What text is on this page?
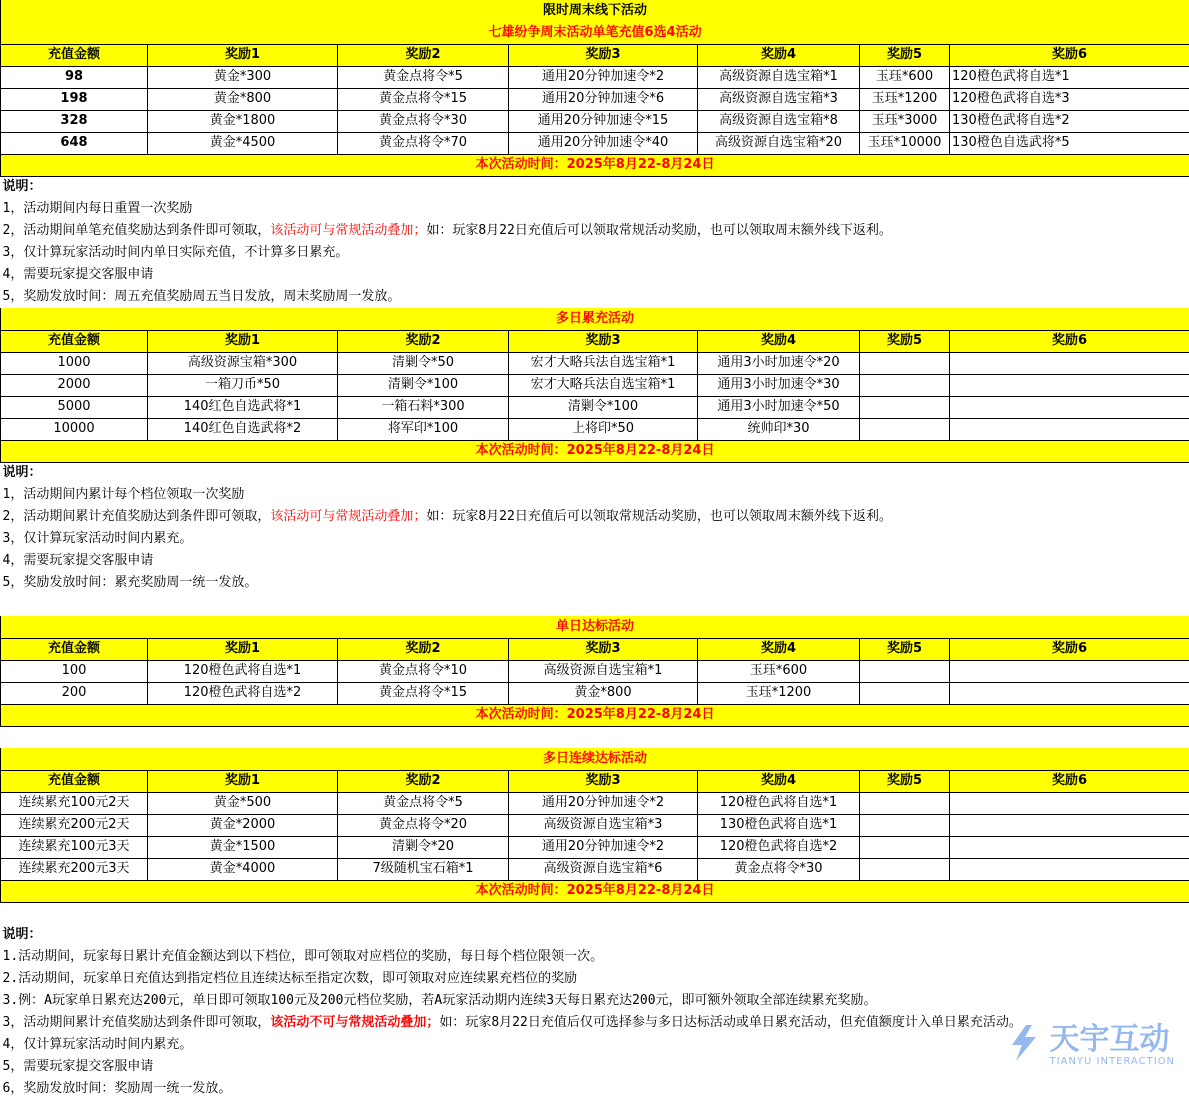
限时周末线下活动						
七雄纷争周末活动单笔充值6选4活动						
充值金额	奖励1	奖励2	奖励3	奖励4	奖励5	奖励6
98	黄金*300	黄金点将令*5	通用20分钟加速令*2	高级资源自选宝箱*1	玉珏*600	120橙色武将自选*1
198	黄金*800	黄金点将令*15	通用20分钟加速令*6	高级资源自选宝箱*3	玉珏*1200	120橙色武将自选*3
328	黄金*1800	黄金点将令*30	通用20分钟加速令*15	高级资源自选宝箱*8	玉珏*3000	130橙色武将自选*2
648	黄金*4500	黄金点将令*70	通用20分钟加速令*40	高级资源自选宝箱*20	玉珏*10000	130橙色自选武将*5
本次活动时间：2025年8月22-8月24日						
说明：						
1，活动期间内每日重置一次奖励						
2，活动期间单笔充值奖励达到条件即可领取，该活动可与常规活动叠加；如：玩家8月22日充值后可以领取常规活动奖励，也可以领取周末额外线下返利。						
3，仅计算玩家活动时间内单日实际充值，不计算多日累充。						
4，需要玩家提交客服申请						
5，奖励发放时间：周五充值奖励周五当日发放，周末奖励周一发放。						
多日累充活动						
充值金额	奖励1	奖励2	奖励3	奖励4	奖励5	奖励6
1000	高级资源宝箱*300	清剿令*50	宏才大略兵法自选宝箱*1	通用3小时加速令*20		
2000	一箱刀币*50	清剿令*100	宏才大略兵法自选宝箱*1	通用3小时加速令*30		
5000	140红色自选武将*1	一箱石料*300	清剿令*100	通用3小时加速令*50		
10000	140红色自选武将*2	将军印*100	上将印*50	统帅印*30		
本次活动时间：2025年8月22-8月24日						
说明：						
1，活动期间内累计每个档位领取一次奖励						
2，活动期间累计充值奖励达到条件即可领取，该活动可与常规活动叠加；如：玩家8月22日充值后可以领取常规活动奖励，也可以领取周末额外线下返利。						
3，仅计算玩家活动时间内累充。						
4，需要玩家提交客服申请						
5，奖励发放时间：累充奖励周一统一发放。						

单日达标活动						
充值金额	奖励1	奖励2	奖励3	奖励4	奖励5	奖励6
100	120橙色武将自选*1	黄金点将令*10	高级资源自选宝箱*1	玉珏*600		
200	120橙色武将自选*2	黄金点将令*15	黄金*800	玉珏*1200		
本次活动时间：2025年8月22-8月24日						

多日连续达标活动						
充值金额	奖励1	奖励2	奖励3	奖励4	奖励5	奖励6
连续累充100元2天	黄金*500	黄金点将令*5	通用20分钟加速令*2	120橙色武将自选*1		
连续累充200元2天	黄金*2000	黄金点将令*20	高级资源自选宝箱*3	130橙色武将自选*1		
连续累充100元3天	黄金*1500	清剿令*20	通用20分钟加速令*2	120橙色武将自选*2		
连续累充200元3天	黄金*4000	7级随机宝石箱*1	高级资源自选宝箱*6	黄金点将令*30		
本次活动时间：2025年8月22-8月24日						

说明：						
1.活动期间，玩家每日累计充值金额达到以下档位，即可领取对应档位的奖励，每日每个档位限领一次。						
2.活动期间，玩家单日充值达到指定档位且连续达标至指定次数，即可领取对应连续累充档位的奖励						
3.例：A玩家单日累充达200元，单日即可领取100元及200元档位奖励，若A玩家活动期内连续3天每日累充达200元，即可额外领取全部连续累充奖励。						
3，活动期间累计充值奖励达到条件即可领取，该活动不可与常规活动叠加；如：玩家8月22日充值后仅可选择参与多日达标活动或单日累充活动，但充值额度计入单日累充活动。						
4，仅计算玩家活动时间内累充。						
5，需要玩家提交客服申请						
6，奖励发放时间：奖励周一统一发放。						
天宇互动
TIANYU INTERACTION
